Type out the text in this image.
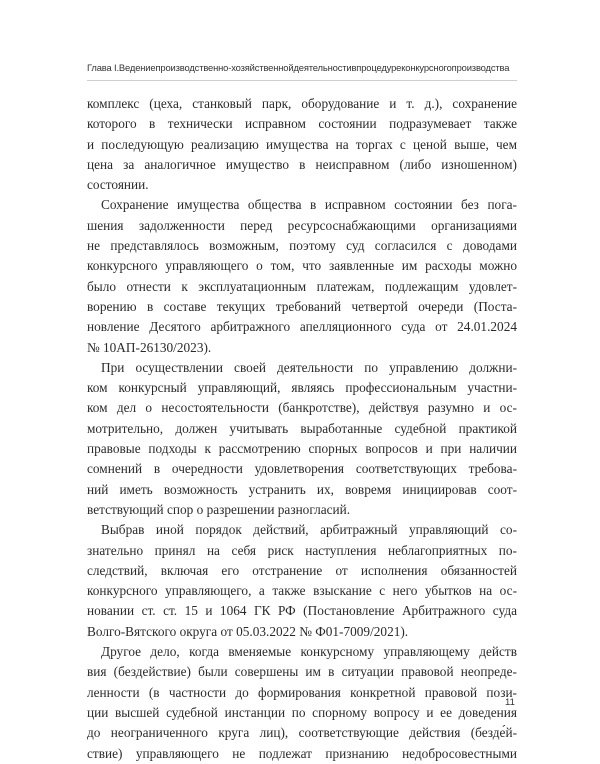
Глава I.Ведениепроизводственно-хозяйственнойдеятельностивпроцедуреконкурсногопроизводства
комплекс (цеха, станковый парк, оборудование и т. д.), сохранение
которого в технически исправном состоянии подразумевает также
и последующую реализацию имущества на торгах с ценой выше, чем
цена за аналогичное имущество в неисправном (либо изношенном)
состоянии.
Сохранение имущества общества в исправном состоянии без пога-
шения задолженности перед ресурсоснабжающими организациями
не представлялось возможным, поэтому суд согласился с доводами
конкурсного управляющего о том, что заявленные им расходы можно
было отнести к эксплуатационным платежам, подлежащим удовлет-
ворению в составе текущих требований четвертой очереди (Поста-
новление Десятого арбитражного апелляционного суда от 24.01.2024
№ 10АП-26130/2023).
При осуществлении своей деятельности по управлению должни-
ком конкурсный управляющий, являясь профессиональным участни-
ком дел о несостоятельности (банкротстве), действуя разумно и ос-
мотрительно, должен учитывать выработанные судебной практикой
правовые подходы к рассмотрению спорных вопросов и при наличии
сомнений в очередности удовлетворения соответствующих требова-
ний иметь возможность устранить их, вовремя инициировав соот-
ветствующий спор о разрешении разногласий.
Выбрав иной порядок действий, арбитражный управляющий со-
знательно принял на себя риск наступления неблагоприятных по-
следствий, включая его отстранение от исполнения обязанностей
конкурсного управляющего, а также взыскание с него убытков на ос-
новании ст. ст. 15 и 1064 ГК РФ (Постановление Арбитражного суда
Волго-Вятского округа от 05.03.2022 № Ф01-7009/2021).
Другое дело, когда вменяемые конкурсному управляющему действ
вия (бездействие) были совершены им в ситуации правовой неопреде-
ленности (в частности до формирования конкретной правовой пози-
ции высшей судебной инстанции по спорному вопросу и ее доведения
до неограниченного круга лиц), соответствующие действия (безде́й-
ствие) управляющего не подлежат признанию недобросовестными
11
